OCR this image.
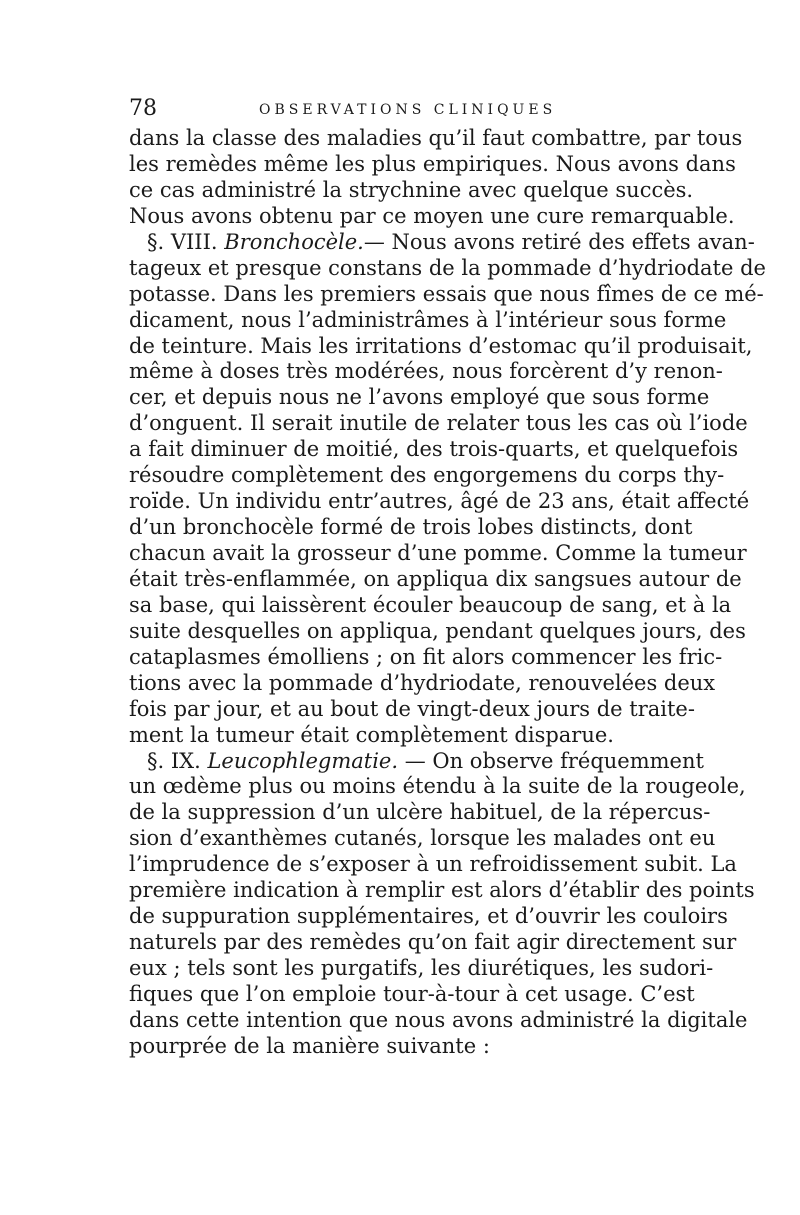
78	OBSERVATIONS CLINIQUES
dans la classe des maladies qu’il faut combattre, par tous
les remèdes même les plus empiriques. Nous avons dans
ce cas administré la strychnine avec quelque succès.
Nous avons obtenu par ce moyen une cure remarquable.
§. VIII. Bronchocèle.— Nous avons retiré des effets avan-
tageux et presque constans de la pommade d’hydriodate de
potasse. Dans les premiers essais que nous fîmes de ce mé-
dicament, nous l’administrâmes à l’intérieur sous forme
de teinture. Mais les irritations d’estomac qu’il produisait,
même à doses très modérées, nous forcèrent d’y renon-
cer, et depuis nous ne l’avons employé que sous forme
d’onguent. Il serait inutile de relater tous les cas où l’iode
a fait diminuer de moitié, des trois-quarts, et quelquefois
résoudre complètement des engorgemens du corps thy-
roïde. Un individu entr’autres, âgé de 23 ans, était affecté
d’un bronchocèle formé de trois lobes distincts, dont
chacun avait la grosseur d’une pomme. Comme la tumeur
était très-enflammée, on appliqua dix sangsues autour de
sa base, qui laissèrent écouler beaucoup de sang, et à la
suite desquelles on appliqua, pendant quelques jours, des
cataplasmes émolliens ; on fit alors commencer les fric-
tions avec la pommade d’hydriodate, renouvelées deux
fois par jour, et au bout de vingt-deux jours de traite-
ment la tumeur était complètement disparue.
§. IX. Leucophlegmatie. — On observe fréquemment
un œdème plus ou moins étendu à la suite de la rougeole,
de la suppression d’un ulcère habituel, de la répercus-
sion d’exanthèmes cutanés, lorsque les malades ont eu
l’imprudence de s’exposer à un refroidissement subit. La
première indication à remplir est alors d’établir des points
de suppuration supplémentaires, et d’ouvrir les couloirs
naturels par des remèdes qu’on fait agir directement sur
eux ; tels sont les purgatifs, les diurétiques, les sudori-
fiques que l’on emploie tour-à-tour à cet usage. C’est
dans cette intention que nous avons administré la digitale
pourprée de la manière suivante :
